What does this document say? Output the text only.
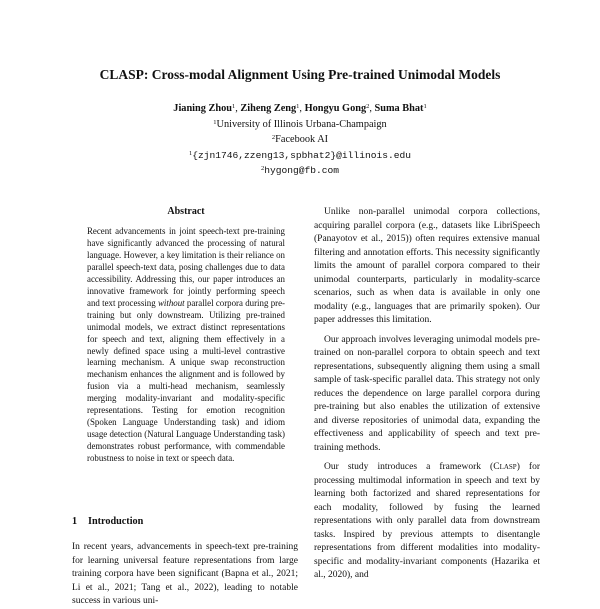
CLASP: Cross-modal Alignment Using Pre-trained Unimodal Models
Jianing Zhou$^1$, Ziheng Zeng$^1$, Hongyu Gong$^2$, Suma Bhat$^1$
$^1$University of Illinois Urbana-Champaign
$^2$Facebook AI
$^1${zjn1746,zzeng13,spbhat2}@illinois.edu
$^2$hygong@fb.com
Abstract

Recent advancements in joint speech-text pre-training have significantly advanced the processing of natural language. However, a key limitation is their reliance on parallel speech-text data, posing challenges due to data accessibility. Addressing this, our paper introduces an innovative framework for jointly performing speech and text processing without parallel corpora during pre-training but only downstream. Utilizing pre-trained unimodal models, we extract distinct representations for speech and text, aligning them effectively in a newly defined space using a multi-level contrastive learning mechanism. A unique swap reconstruction mechanism enhances the alignment and is followed by fusion via a multi-head mechanism, seamlessly merging modality-invariant and modality-specific representations. Testing for emotion recognition (Spoken Language Understanding task) and idiom usage detection (Natural Language Understanding task) demonstrates robust performance, with commendable robustness to noise in text or speech data.

1 Introduction

In recent years, advancements in speech-text pre-training for learning universal feature representations from large training corpora have been significant (Bapna et al., 2021; Li et al., 2021; Tang et al., 2022), leading to notable success in various uni-

Unlike non-parallel unimodal corpora collections, acquiring parallel corpora (e.g., datasets like LibriSpeech (Panayotov et al., 2015)) often requires extensive manual filtering and annotation efforts. This necessity significantly limits the amount of parallel corpora compared to their unimodal counterparts, particularly in modality-scarce scenarios, such as when data is available in only one modality (e.g., languages that are primarily spoken). Our paper addresses this limitation.

Our approach involves leveraging unimodal models pre-trained on non-parallel corpora to obtain speech and text representations, subsequently aligning them using a small sample of task-specific parallel data. This strategy not only reduces the dependence on large parallel corpora during pre-training but also enables the utilization of extensive and diverse repositories of unimodal data, expanding the effectiveness and applicability of speech and text pre-training methods.

Our study introduces a framework (Clasp) for processing multimodal information in speech and text by learning both factorized and shared representations for each modality, followed by fusing the learned representations with only parallel data from downstream tasks. Inspired by previous attempts to disentangle representations from different modalities into modality-specific and modality-invariant components (Hazarika et al., 2020), and
